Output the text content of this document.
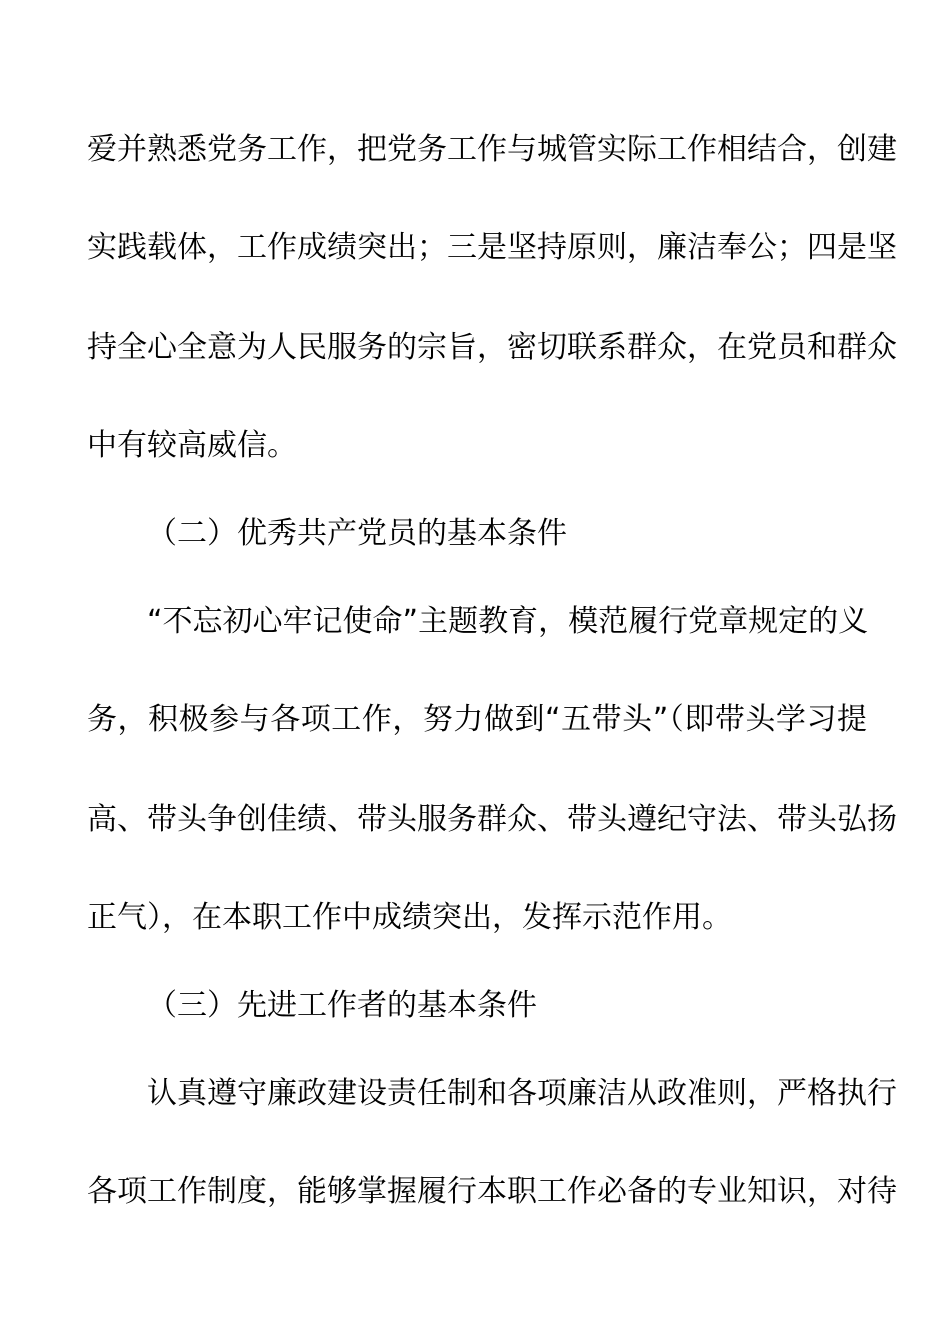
爱并熟悉党务工作，把党务工作与城管实际工作相结合，创建
实践载体，工作成绩突出；三是坚持原则，廉洁奉公；四是坚
持全心全意为人民服务的宗旨，密切联系群众，在党员和群众
中有较高威信。
（二）优秀共产党员的基本条件
“不忘初心牢记使命”主题教育，模范履行党章规定的义
务，积极参与各项工作，努力做到“五带头”（即带头学习提
高、带头争创佳绩、带头服务群众、带头遵纪守法、带头弘扬
正气），在本职工作中成绩突出，发挥示范作用。
（三）先进工作者的基本条件
认真遵守廉政建设责任制和各项廉洁从政准则，严格执行
各项工作制度，能够掌握履行本职工作必备的专业知识，对待
